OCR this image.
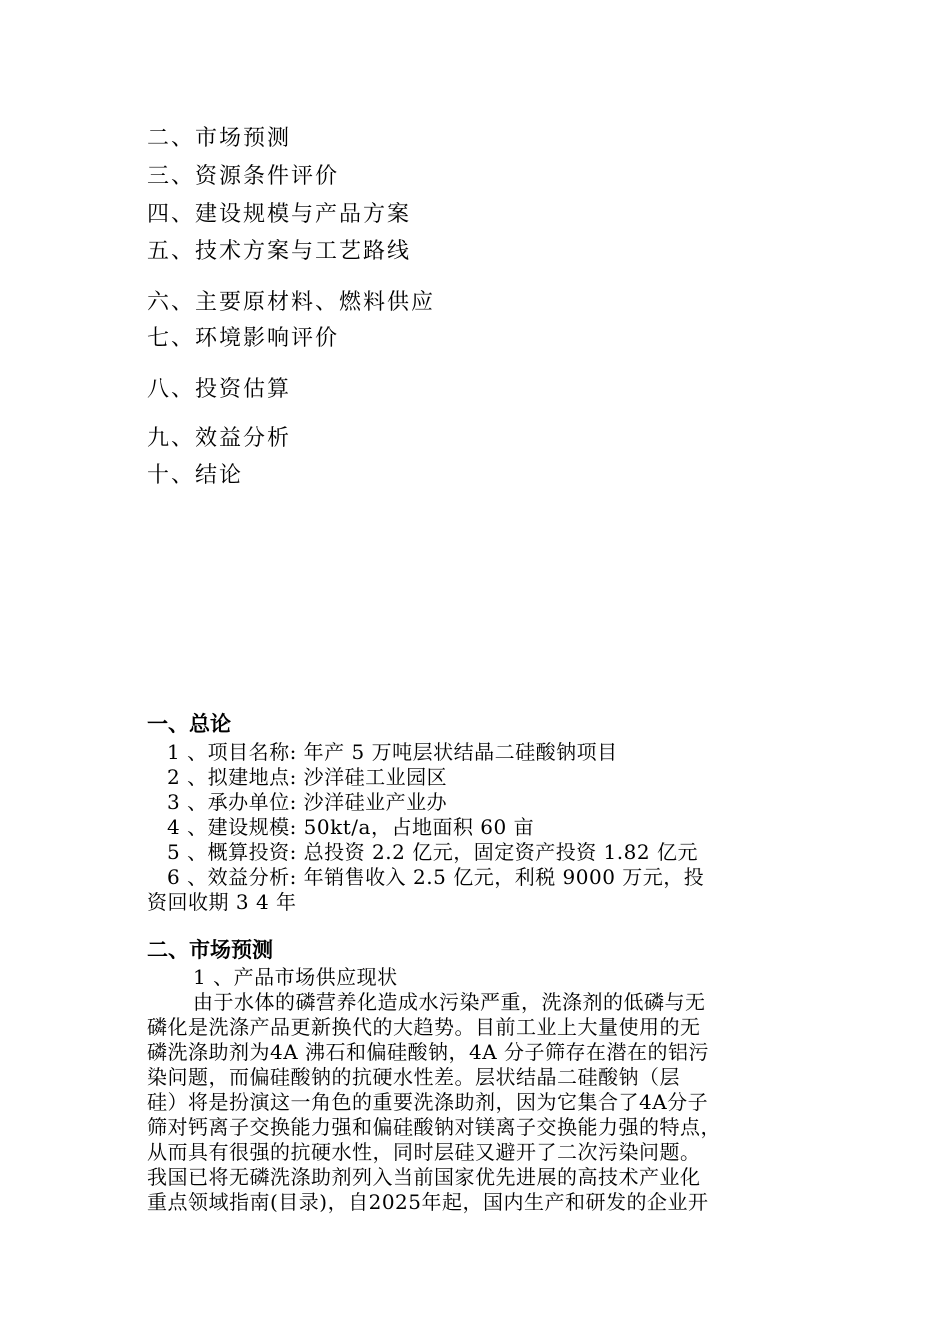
二、市场预测
三、资源条件评价
四、建设规模与产品方案
五、技术方案与工艺路线
六、主要原材料、燃料供应
七、环境影响评价
八、投资估算
九、效益分析
十、结论
一、总论
1 、项目名称: 年产 5 万吨层状结晶二硅酸钠项目
2 、拟建地点: 沙洋硅工业园区
3 、承办单位: 沙洋硅业产业办
4 、建设规模: 50kt/a，占地面积 60 亩
5 、概算投资: 总投资 2.2 亿元，固定资产投资 1.82 亿元
6 、效益分析: 年销售收入 2.5 亿元，利税 9000 万元，投
资回收期 3 4 年
二、市场预测
1 、产品市场供应现状
由于水体的磷营养化造成水污染严重，洗涤剂的低磷与无
磷化是洗涤产品更新换代的大趋势。目前工业上大量使用的无
磷洗涤助剂为4A 沸石和偏硅酸钠，4A 分子筛存在潜在的铝污
染问题，而偏硅酸钠的抗硬水性差。层状结晶二硅酸钠（层
硅）将是扮演这一角色的重要洗涤助剂，因为它集合了4A分子
筛对钙离子交换能力强和偏硅酸钠对镁离子交换能力强的特点，
从而具有很强的抗硬水性，同时层硅又避开了二次污染问题。
我国已将无磷洗涤助剂列入当前国家优先进展的高技术产业化
重点领域指南(目录)，自2025年起，国内生产和研发的企业开
